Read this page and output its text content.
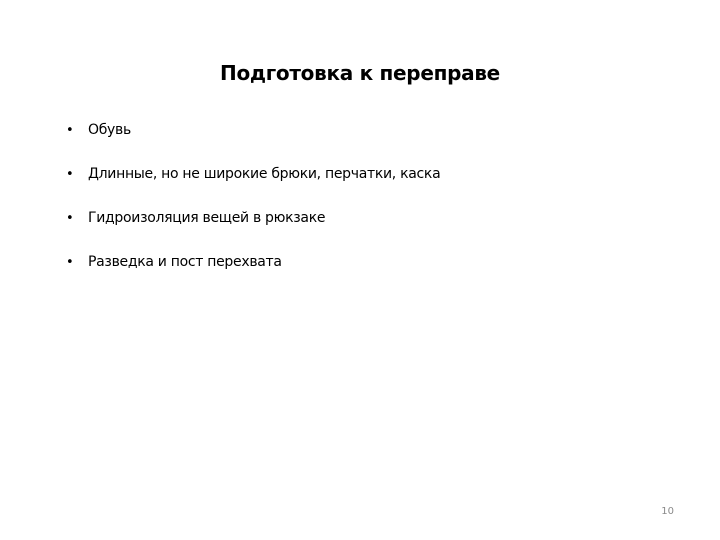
Подготовка к переправе
•	Обувь
•	Длинные, но не широкие брюки, перчатки, каска
•	Гидроизоляция вещей в рюкзаке
•	Разведка и пост перехвата
10
